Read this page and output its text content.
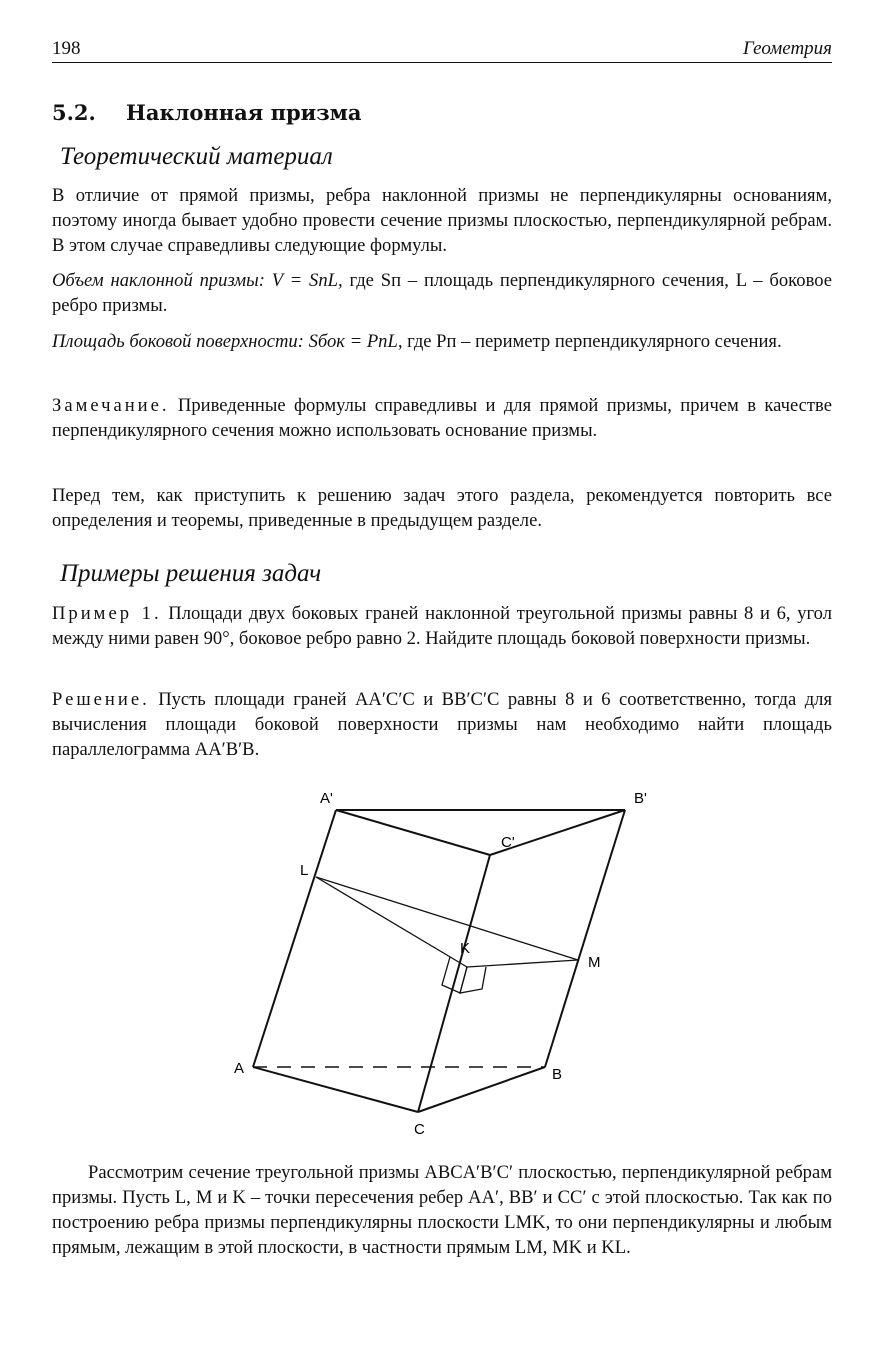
198	Геометрия
5.2. Наклонная призма
Теоретический материал
В отличие от прямой призмы, ребра наклонной призмы не перпендикулярны основаниям, поэтому иногда бывает удобно провести сечение призмы плоскостью, перпендикулярной ребрам. В этом случае справедливы следующие формулы.
Объем наклонной призмы: V = SпL, где Sп – площадь перпендикулярного сечения, L – боковое ребро призмы.
Площадь боковой поверхности: Sбок = PпL, где Pп – периметр перпендикулярного сечения.
Замечание. Приведенные формулы справедливы и для прямой призмы, причем в качестве перпендикулярного сечения можно использовать основание призмы.
Перед тем, как приступить к решению задач этого раздела, рекомендуется повторить все определения и теоремы, приведенные в предыдущем разделе.
Примеры решения задач
Пример 1. Площади двух боковых граней наклонной треугольной призмы равны 8 и 6, угол между ними равен 90°, боковое ребро равно 2. Найдите площадь боковой поверхности призмы.
Решение. Пусть площади граней AA′C′C и BB′C′C равны 8 и 6 соответственно, тогда для вычисления площади боковой поверхности призмы нам необходимо найти площадь параллелограмма AA′B′B.
A'	B'
C'
L
K
M
A	B
C
Рассмотрим сечение треугольной призмы ABCA′B′C′ плоскостью, перпендикулярной ребрам призмы. Пусть L, M и K – точки пересечения ребер AA′, BB′ и CC′ с этой плоскостью. Так как по построению ребра призмы перпендикулярны плоскости LMK, то они перпендикулярны и любым прямым, лежащим в этой плоскости, в частности прямым LM, MK и KL.
